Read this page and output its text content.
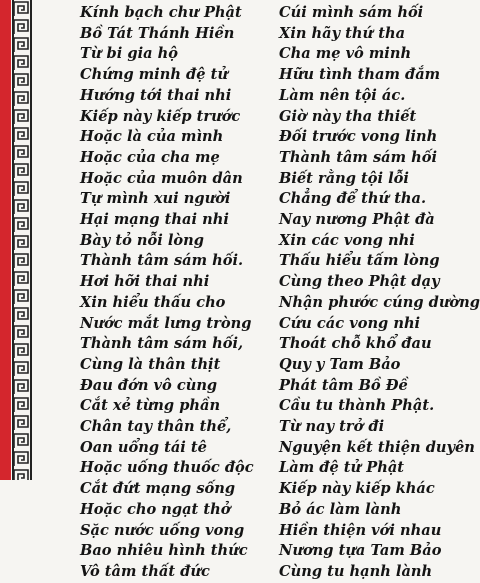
Kính bạch chư Phật
Bồ Tát Thánh Hiền
Từ bi gia hộ
Chứng minh đệ tử
Hướng tới thai nhi
Kiếp này kiếp trước
Hoặc là của mình
Hoặc của cha mẹ
Hoặc của muôn dân
Tự mình xui người
Hại mạng thai nhi
Bày tỏ nỗi lòng
Thành tâm sám hối.
Hơi hỡi thai nhi
Xin hiểu thấu cho
Nước mắt lưng tròng
Thành tâm sám hối,
Cùng là thân thịt
Đau đớn vô cùng
Cắt xẻ từng phần
Chân tay thân thể,
Oan uổng tái tê
Hoặc uống thuốc độc
Cắt đứt mạng sống
Hoặc cho ngạt thở
Sặc nước uống vong
Bao nhiêu hình thức
Vô tâm thất đức
Cúi mình sám hối
Xin hãy thứ tha
Cha mẹ vô minh
Hữu tình tham đắm
Làm nên tội ác.
Giờ này tha thiết
Đối trước vong linh
Thành tâm sám hối
Biết rằng tội lỗi
Chẳng để thứ tha.
Nay nương Phật đà
Xin các vong nhi
Thấu hiểu tấm lòng
Cùng theo Phật dạy
Nhận phước cúng dường
Cứu các vong nhi
Thoát chỗ khổ đau
Quy y Tam Bảo
Phát tâm Bồ Đề
Cầu tu thành Phật.
Từ nay trở đi
Nguyện kết thiện duyên
Làm đệ tử Phật
Kiếp này kiếp khác
Bỏ ác làm lành
Hiền thiện với nhau
Nương tựa Tam Bảo
Cùng tu hạnh lành
